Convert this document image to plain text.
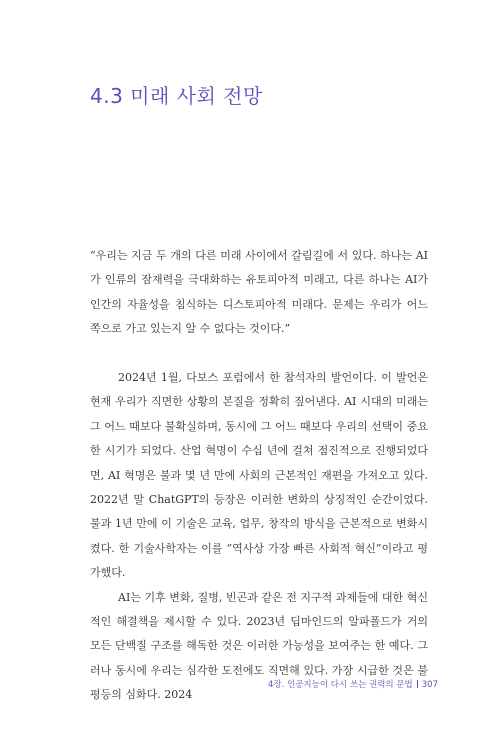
4.3 미래 사회 전망

“우리는 지금 두 개의 다른 미래 사이에서 갈림길에 서 있다. 하나는 AI가 인류의 잠재력을 극대화하는 유토피아적 미래고, 다른 하나는 AI가 인간의 자율성을 침식하는 디스토피아적 미래다. 문제는 우리가 어느 쪽으로 가고 있는지 알 수 없다는 것이다.”

2024년 1월, 다보스 포럼에서 한 참석자의 발언이다. 이 발언은 현재 우리가 직면한 상황의 본질을 정확히 짚어낸다. AI 시대의 미래는 그 어느 때보다 불확실하며, 동시에 그 어느 때보다 우리의 선택이 중요한 시기가 되었다. 산업 혁명이 수십 년에 걸쳐 점진적으로 진행되었다면, AI 혁명은 불과 몇 년 만에 사회의 근본적인 재편을 가져오고 있다. 2022년 말 ChatGPT의 등장은 이러한 변화의 상징적인 순간이었다. 불과 1년 만에 이 기술은 교육, 업무, 창작의 방식을 근본적으로 변화시켰다. 한 기술사학자는 이를 “역사상 가장 빠른 사회적 혁신”이라고 평가했다.

AI는 기후 변화, 질병, 빈곤과 같은 전 지구적 과제들에 대한 혁신적인 해결책을 제시할 수 있다. 2023년 딥마인드의 알파폴드가 거의 모든 단백질 구조를 해독한 것은 이러한 가능성을 보여주는 한 예다. 그러나 동시에 우리는 심각한 도전에도 직면해 있다. 가장 시급한 것은 불평등의 심화다. 2024

4장. 인공지능이 다시 쓰는 권력의 문법 307
